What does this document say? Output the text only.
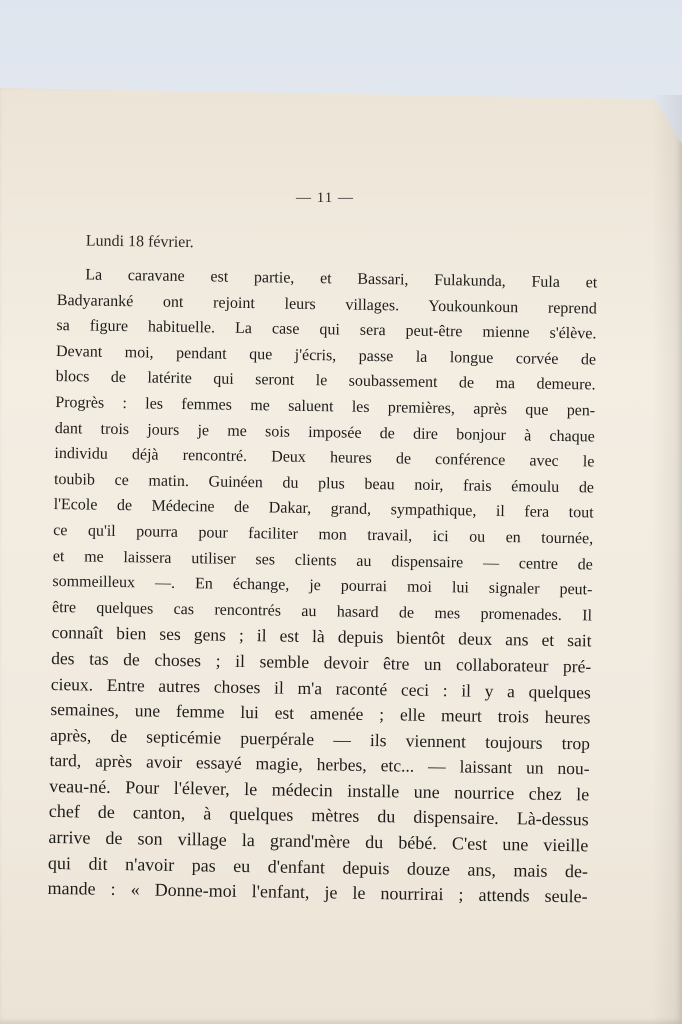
— 11 —
Lundi 18 février.
La caravane est partie, et Bassari, Fulakunda, Fula et
Badyaranké ont rejoint leurs villages. Youkounkoun reprend
sa figure habituelle. La case qui sera peut-être mienne s'élève.
Devant moi, pendant que j'écris, passe la longue corvée de
blocs de latérite qui seront le soubassement de ma demeure.
Progrès : les femmes me saluent les premières, après que pen-
dant trois jours je me sois imposée de dire bonjour à chaque
individu déjà rencontré. Deux heures de conférence avec le
toubib ce matin. Guinéen du plus beau noir, frais émoulu de
l'Ecole de Médecine de Dakar, grand, sympathique, il fera tout
ce qu'il pourra pour faciliter mon travail, ici ou en tournée,
et me laissera utiliser ses clients au dispensaire — centre de
sommeilleux —. En échange, je pourrai moi lui signaler peut-
être quelques cas rencontrés au hasard de mes promenades. Il
connaît bien ses gens ; il est là depuis bientôt deux ans et sait
des tas de choses ; il semble devoir être un collaborateur pré-
cieux. Entre autres choses il m'a raconté ceci : il y a quelques
semaines, une femme lui est amenée ; elle meurt trois heures
après, de septicémie puerpérale — ils viennent toujours trop
tard, après avoir essayé magie, herbes, etc... — laissant un nou-
veau-né. Pour l'élever, le médecin installe une nourrice chez le
chef de canton, à quelques mètres du dispensaire. Là-dessus
arrive de son village la grand'mère du bébé. C'est une vieille
qui dit n'avoir pas eu d'enfant depuis douze ans, mais de-
mande : « Donne-moi l'enfant, je le nourrirai ; attends seule-
